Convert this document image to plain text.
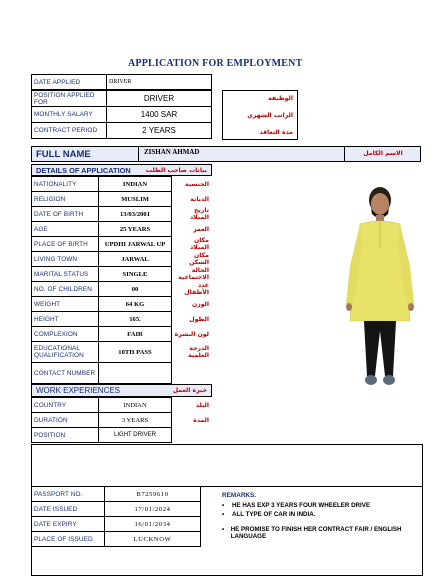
APPLICATION FOR EMPLOYMENT
DATE APPLIED	DRIVER
POSITION APPLIED FOR	DRIVER
MONTHLY SALARY	1400 SAR
CONTRACT PERIOD	2 YEARS
الوظيفة
الراتب الشهري
مدة التعاقد
FULL NAME	ZISHAN AHMAD	الاسم الكامل
DETAILS OF APPLICATION بيانات صاحب الطلب
NATIONALITY	INDIAN	الجنسية
RELIGION	MUSLIM	الديانة
DATE OF BIRTH	13/03/2001	تاريخ الميلاد
AGE	25 YEARS	العمر
PLACE OF BIRTH	UPDHI JARWAL UP	مكان الميلاد
LIVING TOWN	JARWAL	مكان السكن
MARITAL STATUS	SINGLE	الحالة الاجتماعية
NO. OF CHILDREN	00	عدد الأطفال
WEIGHT	64 KG	الوزن
HEIGHT	165.	الطول
COMPLEXION	FAIR	لون البشرة
EDUCATIONAL QUALIFICATION	10TH PASS	الدرجة العلمية
CONTACT NUMBER		
WORK EXPERIENCES	خبرة العمل
COUNTRY	INDIAN	البلد
DURATION	3 YEARS	المدة
POSITION	LIGHT DRIVER	
PASSPORT NO.	B7259610
DATE ISSUED	17/01/2024
DATE EXPIRY	16/01/2034
PLACE OF ISSUED	LUCKNOW
REMARKS.
•	HE HAS EXP 3 YEARS FOUR WHEELER DRIVE
•	ALL TYPE OF CAR IN INDIA.
•	HE PROMISE TO FINISH HER CONTRACT FAIR / ENGLISH LANGUAGE
